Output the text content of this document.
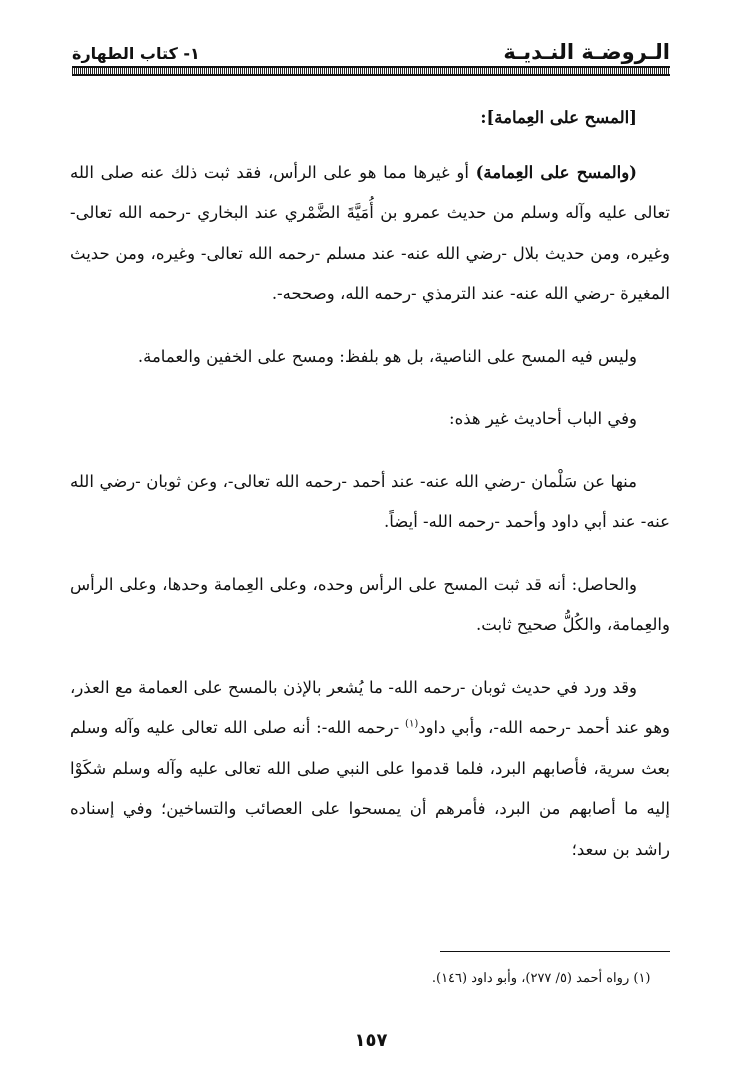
الـروضـة النـديـة
١- كتاب الطهارة

[المسح على العِمامة]:

(والمسح على العِمامة) أو غيرها مما هو على الرأس، فقد ثبت ذلك عنه صلى الله تعالى عليه وآله وسلم من حديث عمرو بن أُمَيَّةَ الضَّمْري عند البخاري -رحمه الله تعالى- وغيره، ومن حديث بلال -رضي الله عنه- عند مسلم -رحمه الله تعالى- وغيره، ومن حديث المغيرة -رضي الله عنه- عند الترمذي -رحمه الله، وصححه-.

وليس فيه المسح على الناصية، بل هو بلفظ: ومسح على الخفين والعمامة.

وفي الباب أحاديث غير هذه:

منها عن سَلْمان -رضي الله عنه- عند أحمد -رحمه الله تعالى-، وعن ثوبان -رضي الله عنه- عند أبي داود وأحمد -رحمه الله- أيضاً.

والحاصل: أنه قد ثبت المسح على الرأس وحده، وعلى العِمامة وحدها، وعلى الرأس والعِمامة، والكُلُّ صحيح ثابت.

وقد ورد في حديث ثوبان -رحمه الله- ما يُشعر بالإذن بالمسح على العمامة مع العذر، وهو عند أحمد -رحمه الله-، وأبي داود$^{(١)}$ -رحمه الله-: أنه صلى الله تعالى عليه وآله وسلم بعث سرية، فأصابهم البرد، فلما قدموا على النبي صلى الله تعالى عليه وآله وسلم شكَوْا إليه ما أصابهم من البرد، فأمرهم أن يمسحوا على العصائب والتساخين؛ وفي إسناده راشد بن سعد؛

(١) رواه أحمد (٥/ ٢٧٧)، وأبو داود (١٤٦).
١٥٧
